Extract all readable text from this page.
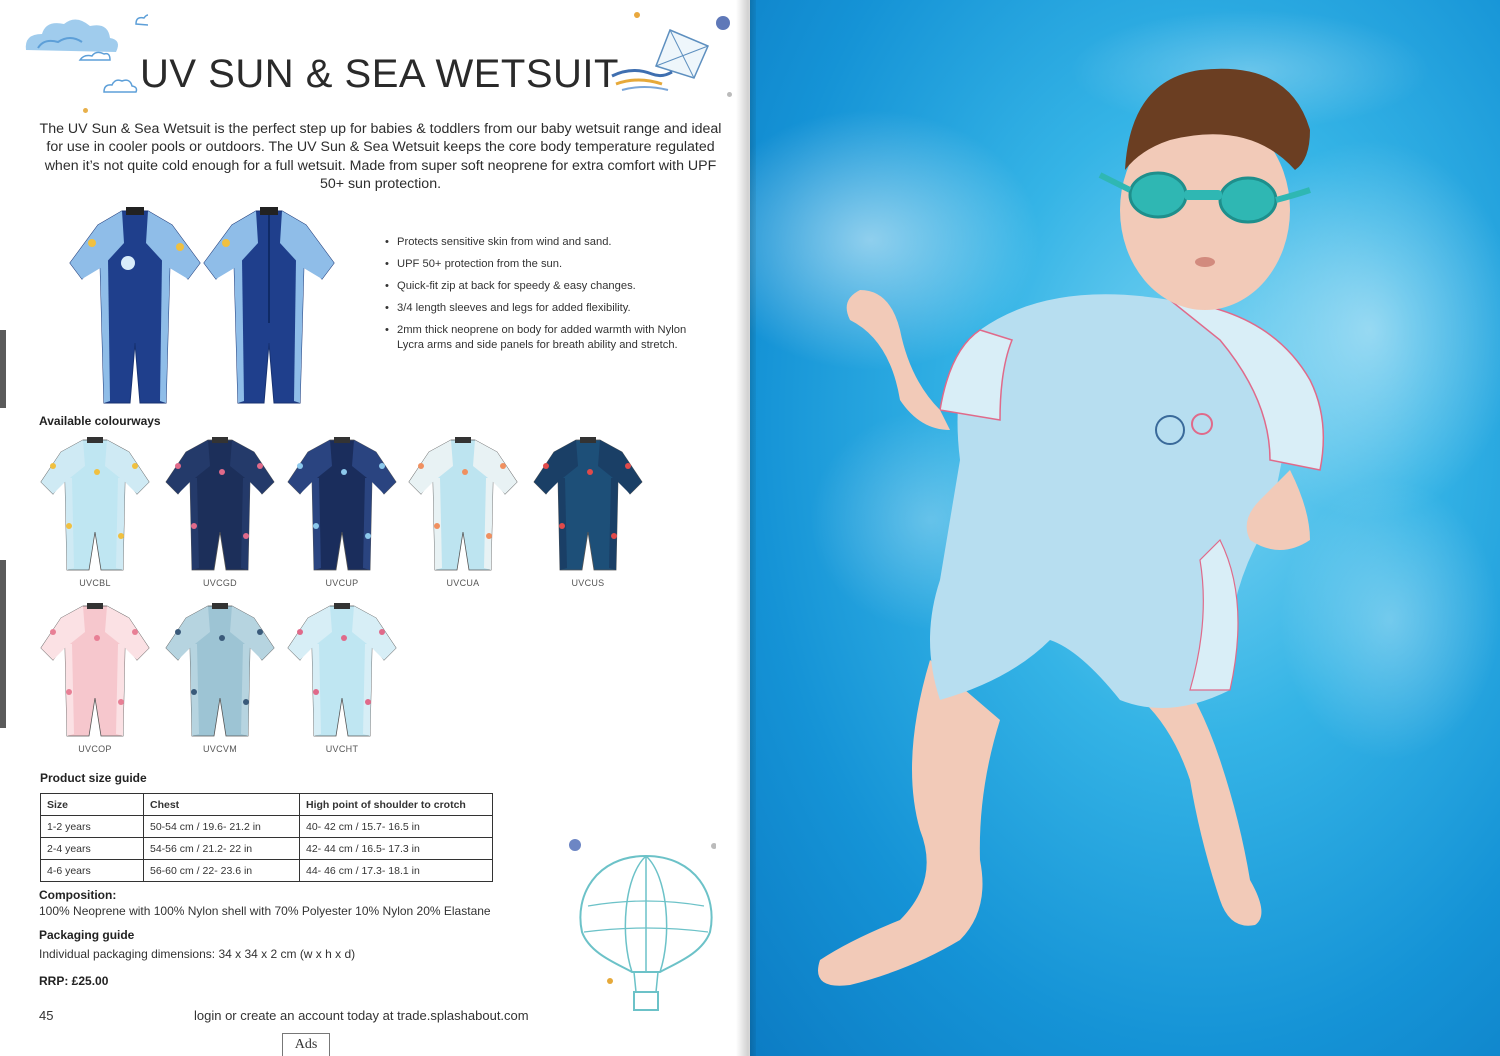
UV SUN & SEA WETSUIT
The UV Sun & Sea Wetsuit is the perfect step up for babies & toddlers from our baby wetsuit range and ideal for use in cooler pools or outdoors. The UV Sun & Sea Wetsuit keeps the core body temperature regulated when it’s not quite cold enough for a full wetsuit. Made from super soft neoprene for extra comfort with UPF 50+ sun protection.
• Protects sensitive skin from wind and sand.
• UPF 50+ protection from the sun.
• Quick-fit zip at back for speedy & easy changes.
• 3/4 length sleeves and legs for added flexibility.
• 2mm thick neoprene on body for added warmth with Nylon Lycra arms and side panels for breath ability and stretch.
Available colourways
UVCBL	UVCGD	UVCUP	UVCUA	UVCUS
UVCOP	UVCVM	UVCHT
Product size guide
Size	Chest	High point of shoulder to crotch
1-2 years	50-54 cm / 19.6- 21.2 in	40- 42 cm / 15.7- 16.5 in
2-4 years	54-56 cm / 21.2- 22 in	42- 44 cm / 16.5- 17.3 in
4-6 years	56-60 cm / 22- 23.6 in	44- 46 cm / 17.3- 18.1 in
Composition:
100% Neoprene with 100% Nylon shell with 70% Polyester 10% Nylon 20% Elastane
Packaging guide
Individual packaging dimensions: 34 x 34 x 2 cm (w x h x d)
RRP: £25.00
45	login or create an account today at trade.splashabout.com
Ads
